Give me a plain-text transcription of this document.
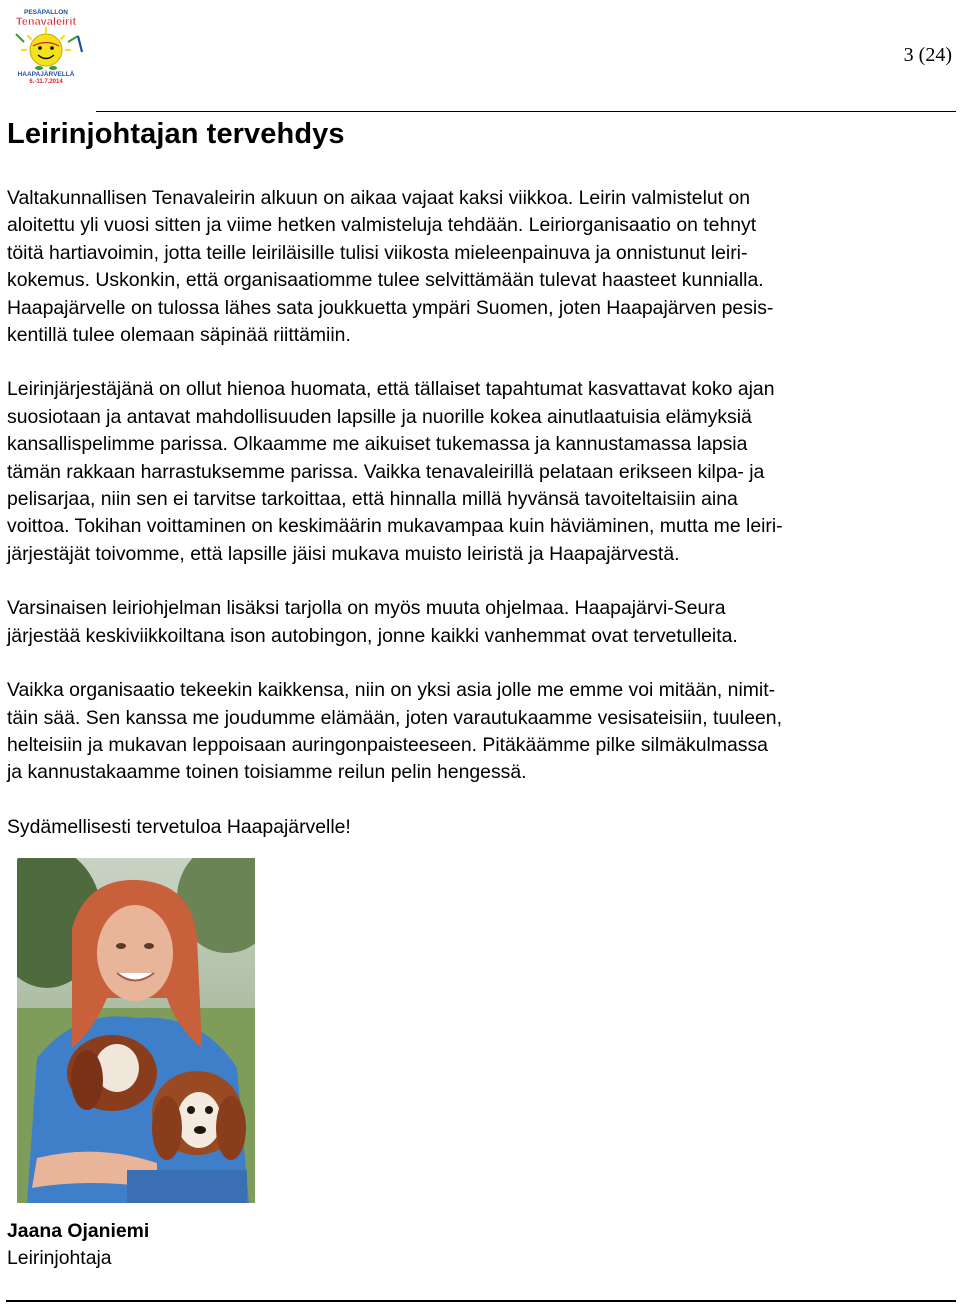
PESÄPALLON
Tenavaleirit
HAAPAJÄRVELLÄ
6.-11.7.2014
3 (24)
Leirinjohtajan tervehdys

Valtakunnallisen Tenavaleirin alkuun on aikaa vajaat kaksi viikkoa. Leirin valmistelut on
aloitettu yli vuosi sitten ja viime hetken valmisteluja tehdään. Leiriorganisaatio on tehnyt
töitä hartiavoimin, jotta teille leiriläisille tulisi viikosta mieleenpainuva ja onnistunut leiri-
kokemus. Uskonkin, että organisaatiomme tulee selvittämään tulevat haasteet kunnialla.
Haapajärvelle on tulossa lähes sata joukkuetta ympäri Suomen, joten Haapajärven pesis-
kentillä tulee olemaan säpinää riittämiin.

Leirinjärjestäjänä on ollut hienoa huomata, että tällaiset tapahtumat kasvattavat koko ajan
suosiotaan ja antavat mahdollisuuden lapsille ja nuorille kokea ainutlaatuisia elämyksiä
kansallispelimme parissa. Olkaamme me aikuiset tukemassa ja kannustamassa lapsia
tämän rakkaan harrastuksemme parissa. Vaikka tenavaleirillä pelataan erikseen kilpa- ja
pelisarjaa, niin sen ei tarvitse tarkoittaa, että hinnalla millä hyvänsä tavoiteltaisiin aina
voittoa. Tokihan voittaminen on keskimäärin mukavampaa kuin häviäminen, mutta me leiri-
järjestäjät toivomme, että lapsille jäisi mukava muisto leiristä ja Haapajärvestä.

Varsinaisen leiriohjelman lisäksi tarjolla on myös muuta ohjelmaa. Haapajärvi-Seura
järjestää keskiviikkoiltana ison autobingon, jonne kaikki vanhemmat ovat tervetulleita.

Vaikka organisaatio tekeekin kaikkensa, niin on yksi asia jolle me emme voi mitään, nimit-
täin sää. Sen kanssa me joudumme elämään, joten varautukaamme vesisateisiin, tuuleen,
helteisiin ja mukavan leppoisaan auringonpaisteeseen. Pitäkäämme pilke silmäkulmassa
ja kannustakaamme toinen toisiamme reilun pelin hengessä.

Sydämellisesti tervetuloa Haapajärvelle!

Jaana Ojaniemi
Leirinjohtaja
